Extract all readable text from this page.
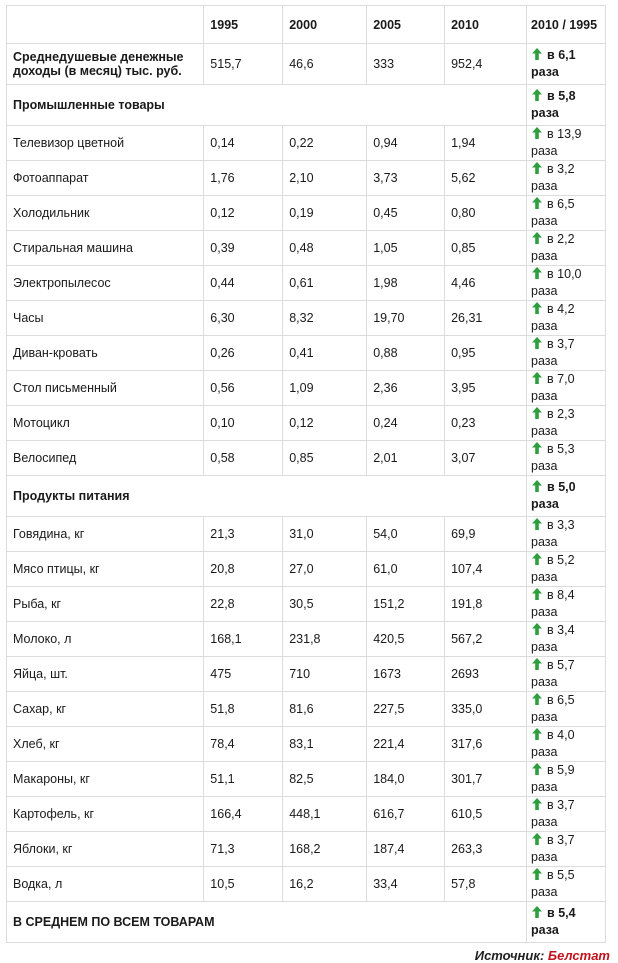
	1995	2000	2005	2010	2010 / 1995
Среднедушевые денежные доходы (в месяц) тыс. руб.	515,7	46,6	333	952,4	в 6,1 раза
Промышленные товары					в 5,8 раза
Телевизор цветной	0,14	0,22	0,94	1,94	в 13,9 раза
Фотоаппарат	1,76	2,10	3,73	5,62	в 3,2 раза
Холодильник	0,12	0,19	0,45	0,80	в 6,5 раза
Стиральная машина	0,39	0,48	1,05	0,85	в 2,2 раза
Электропылесос	0,44	0,61	1,98	4,46	в 10,0 раза
Часы	6,30	8,32	19,70	26,31	в 4,2 раза
Диван-кровать	0,26	0,41	0,88	0,95	в 3,7 раза
Стол письменный	0,56	1,09	2,36	3,95	в 7,0 раза
Мотоцикл	0,10	0,12	0,24	0,23	в 2,3 раза
Велосипед	0,58	0,85	2,01	3,07	в 5,3 раза
Продукты питания					в 5,0 раза
Говядина, кг	21,3	31,0	54,0	69,9	в 3,3 раза
Мясо птицы, кг	20,8	27,0	61,0	107,4	в 5,2 раза
Рыба, кг	22,8	30,5	151,2	191,8	в 8,4 раза
Молоко, л	168,1	231,8	420,5	567,2	в 3,4 раза
Яйца, шт.	475	710	1673	2693	в 5,7 раза
Сахар, кг	51,8	81,6	227,5	335,0	в 6,5 раза
Хлеб, кг	78,4	83,1	221,4	317,6	в 4,0 раза
Макароны, кг	51,1	82,5	184,0	301,7	в 5,9 раза
Картофель, кг	166,4	448,1	616,7	610,5	в 3,7 раза
Яблоки, кг	71,3	168,2	187,4	263,3	в 3,7 раза
Водка, л	10,5	16,2	33,4	57,8	в 5,5 раза
В СРЕДНЕМ ПО ВСЕМ ТОВАРАМ					в 5,4 раза
Источник: Белстат
